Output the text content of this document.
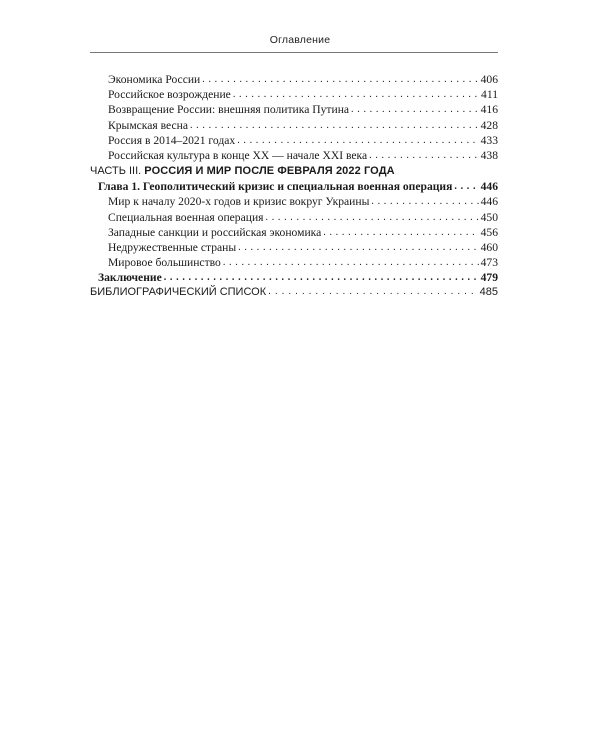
Оглавление
Экономика России . . .	406
Российское возрождение . . .	411
Возвращение России: внешняя политика Путина . . .	416
Крымская весна . . .	428
Россия в 2014–2021 годах . . .	433
Российская культура в конце XX — начале XXI века . . .	438
ЧАСТЬ III. РОССИЯ И МИР ПОСЛЕ ФЕВРАЛЯ 2022 ГОДА
Глава 1. Геополитический кризис и специальная военная операция . . . 446
Мир к началу 2020-х годов и кризис вокруг Украины . . .	446
Специальная военная операция . . .	450
Западные санкции и российская экономика . . .	456
Недружественные страны . . .	460
Мировое большинство . . .	473
Заключение . . .	479
БИБЛИОГРАФИЧЕСКИЙ СПИСОК . . .	485
